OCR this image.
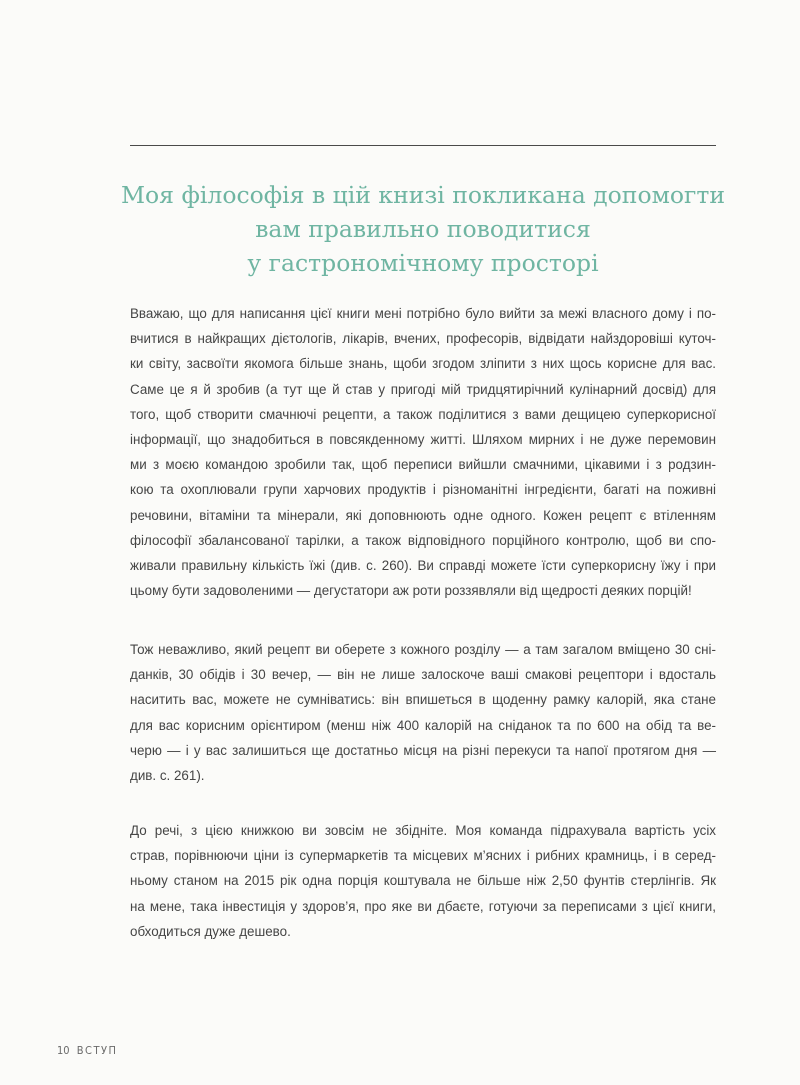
Моя філософія в цій книзі покликана допомогти
вам правильно поводитися
у гастрономічному просторі
Вважаю, що для написання цієї книги мені потрібно було вийти за межі власного дому і по-
вчитися в найкращих дієтологів, лікарів, вчених, професорів, відвідати найздоровіші куточ-
ки світу, засвоїти якомога більше знань, щоби згодом зліпити з них щось корисне для вас.
Саме це я й зробив (а тут ще й став у пригоді мій тридцятирічний кулінарний досвід) для
того, щоб створити смачнючі рецепти, а також поділитися з вами дещицею суперкорисної
інформації, що знадобиться в повсякденному житті. Шляхом мирних і не дуже перемовин
ми з моєю командою зробили так, щоб переписи вийшли смачними, цікавими і з родзин-
кою та охоплювали групи харчових продуктів і різноманітні інгредієнти, багаті на поживні
речовини, вітаміни та мінерали, які доповнюють одне одного. Кожен рецепт є втіленням
філософії збалансованої тарілки, а також відповідного порційного контролю, щоб ви спо-
живали правильну кількість їжі (див. с. 260). Ви справді можете їсти суперкорисну їжу і при
цьому бути задоволеними — дегустатори аж роти роззявляли від щедрості деяких порцій!
Тож неважливо, який рецепт ви оберете з кожного розділу — а там загалом вміщено 30 сні-
данків, 30 обідів і 30 вечер, — він не лише залоскоче ваші смакові рецептори і вдосталь
наситить вас, можете не сумніватись: він впишеться в щоденну рамку калорій, яка стане
для вас корисним орієнтиром (менш ніж 400 калорій на сніданок та по 600 на обід та ве-
черю — і у вас залишиться ще достатньо місця на різні перекуси та напої протягом дня —
див. с. 261).
До речі, з цією книжкою ви зовсім не збідніте. Моя команда підрахувала вартість усіх
страв, порівнюючи ціни із супермаркетів та місцевих м’ясних і рибних крамниць, і в серед-
ньому станом на 2015 рік одна порція коштувала не більше ніж 2,50 фунтів стерлінгів. Як
на мене, така інвестиція у здоров’я, про яке ви дбаєте, готуючи за переписами з цієї книги,
обходиться дуже дешево.
10 ВСТУП
